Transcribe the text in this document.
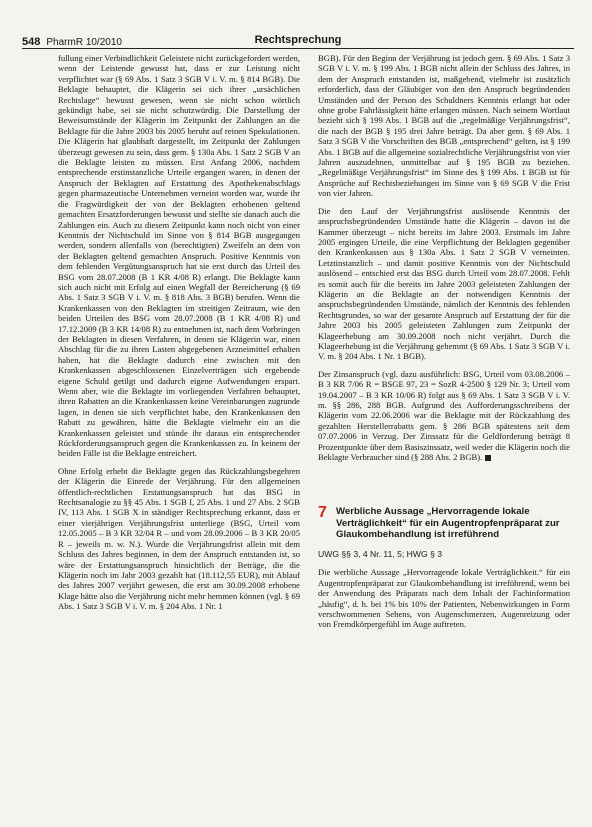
548 PharmR 10/2010	Rechtsprechung

fullung einer Verbindlichkeit Geleistete nicht zurückgefordert werden, wenn der Leistende gewusst hat, dass er zur Leistung nicht verpflichtet war (§ 69 Abs. 1 Satz 3 SGB V i. V. m. § 814 BGB). Die Beklagte behauptet, die Klägerin sei sich ihrer „ursächlichen Rechtslage“ bewusst gewesen, wenn sie nicht schon wörtlich gekündigt habe, sei sie nicht schutzwürdig. Die Darstellung der Beweisumstände der Klägerin im Zeitpunkt der Zahlungen an die Beklagte für die Jahre 2003 bis 2005 beruht auf reinen Spekulationen. Die Klägerin hat glaubhaft dargestellt, im Zeitpunkt der Zahlungen überzeugt gewesen zu sein, dass gem. § 130a Abs. 1 Satz 2 SGB V an die Beklagte leisten zu müssen. Erst Anfang 2006, nachdem entsprechende erstinstanzliche Urteile ergangen waren, in denen der Anspruch der Beklagten auf Erstattung des Apothekenabschlags gegen pharmazeutische Unternehmen verneint worden war, wurde ihr die Fragwürdigkeit der von der Beklagten erhobenen geltend gemachten Ersatzforderungen bewusst und stellte sie danach auch die Zahlungen ein. Auch zu diesem Zeitpunkt kann noch nicht von einer Kenntnis der Nichtschuld im Sinne von § 814 BGB ausgegangen werden, sondern allenfalls von (berechtigten) Zweifeln an dem von der Beklagten geltend gemachten Anspruch. Positive Kenntnis von dem fehlenden Vergütungsanspruch hat sie erst durch das Urteil des BSG vom 28.07.2008 (B 1 KR 4/08 R) erlangt. Die Beklagte kann sich auch nicht mit Erfolg auf einen Wegfall der Bereicherung (§ 69 Abs. 1 Satz 3 SGB V i. V. m. § 818 Abs. 3 BGB) berufen. Wenn die Krankenkassen von den Beklagten im streitigen Zeitraum, wie den beiden Urteilen des BSG vom 28.07.2008 (B 1 KR 4/08 R) und 17.12.2009 (B 3 KR 14/08 R) zu entnehmen ist, nach dem Vorbringen der Beklagten in diesen Verfahren, in denen sie Klägerin war, einen Abschlag für die zu ihren Lasten abgegebenen Arzneimittel erhalten haben, hat die Beklagte dadurch eine zwischen mit den Krankenkassen abgeschlossenen Einzelverträgen sich ergebende eigene Schuld getilgt und dadurch eigene Aufwendungen erspart. Wenn aber, wie die Beklagte im vorliegenden Verfahren behauptet, ihren Rabatten an die Krankenkassen keine Vereinbarungen zugrunde lagen, in denen sie sich verpflichtet habe, den Krankenkassen den Rabatt zu gewähren, hätte die Beklagte vielmehr ein an die Krankenkassen geleistet und stünde ihr daraus ein entsprechender Rückforderungsanspruch gegen die Krankenkassen zu. In keinem der beiden Fälle ist die Beklagte entreichert.

Ohne Erfolg erhebt die Beklagte gegen das Rückzahlungsbegehren der Klägerin die Einrede der Verjährung. Für den allgemeinen öffentlich-rechtlichen Erstattungsanspruch hat das BSG in Rechtsanalogie zu §§ 45 Abs. 1 SGB I, 25 Abs. 1 und 27 Abs. 2 SGB IV, 113 Abs. 1 SGB X in ständiger Rechtsprechung erkannt, dass er einer vierjährigen Verjährungsfrist unterliege (BSG, Urteil vom 12.05.2005 – B 3 KR 32/04 R – und vom 28.09.2006 – B 3 KR 20/05 R – jeweils m. w. N.). Wurde die Verjährungsfrist allein mit dem Schluss des Jahres beginnen, in dem der Anspruch entstanden ist, so wäre der Erstattungsanspruch hinsichtlich der Beträge, die die Klägerin noch im Jahr 2003 gezahlt hat (18.112,55 EUR), mit Ablauf des Jahres 2007 verjährt gewesen, die erst am 30.09.2008 erhobene Klage hätte also die Verjährung nicht mehr hemmen können (vgl. § 69 Abs. 1 Satz 3 SGB V i. V. m. § 204 Abs. 1 Nr. 1

BGB). Für den Beginn der Verjährung ist jedoch gem. § 69 Abs. 1 Satz 3 SGB V i. V. m. § 199 Abs. 1 BGB nicht allein der Schluss des Jahres, in dem der Anspruch entstanden ist, maßgebend, vielmehr ist zusätzlich erforderlich, dass der Gläubiger von den den Anspruch begründenden Umständen und der Person des Schuldners Kenntnis erlangt hat oder ohne grobe Fahrlässigkeit hätte erlangen müssen. Nach seinem Wortlaut bezieht sich § 199 Abs. 1 BGB auf die „regelmäßige Verjährungsfrist“, die nach der BGB § 195 drei Jahre beträgt. Da aber gem. § 69 Abs. 1 Satz 3 SGB V die Vorschriften des BGB „entsprechend“ gelten, ist § 199 Abs. 1 BGB auf die allgemeine sozialrechtliche Verjährungsfrist von vier Jahren auszudehnen, unmittelbar auf § 195 BGB zu beziehen. „Regelmäßige Verjährungsfrist“ im Sinne des § 199 Abs. 1 BGB ist für Ansprüche auf Rechtsbeziehungen im Sinne von § 69 SGB V die Frist von vier Jahren.

Die den Lauf der Verjährungsfrist auslösende Kenntnis der anspruchsbegründenden Umstände hatte die Klägerin – davon ist die Kammer überzeugt – nicht bereits im Jahre 2003. Erstmals im Jahre 2005 ergingen Urteile, die eine Verpflichtung der Beklagten gegenüber den Krankenkassen aus § 130a Abs. 1 Satz 2 SGB V verneinten. Letztinstanzlich – und damit positive Kenntnis von der Nichtschuld auslösend – entschied erst das BSG durch Urteil vom 28.07.2008. Fehlt es somit auch für die bereits im Jahre 2003 geleisteten Zahlungen der Klägerin an die Beklagte an der notwendigen Kenntnis der anspruchsbegründenden Umstände, nämlich der Kenntnis des fehlenden Rechtsgrundes, so war der gesamte Anspruch auf Erstattung der für die Jahre 2003 bis 2005 geleisteten Zahlungen zum Zeitpunkt der Klageerhebung am 30.09.2008 noch nicht verjährt. Durch die Klageerhebung ist die Verjährung gehemmt (§ 69 Abs. 1 Satz 3 SGB V i. V. m. § 204 Abs. 1 Nr. 1 BGB).

Der Zinsanspruch (vgl. dazu ausführlich: BSG, Urteil vom 03.08.2006 – B 3 KR 7/06 R = BSGE 97, 23 = SozR 4-2500 § 129 Nr. 3; Urteil vom 19.04.2007 – B 3 KR 10/06 R) folgt aus § 69 Abs. 1 Satz 3 SGB V i. V. m. §§ 286, 288 BGB. Aufgrund des Aufforderungsschreibens der Klägerin vom 22.06.2006 war die Beklagte mit der Rückzahlung des gezahlten Herstellerrabatts gem. § 286 BGB spätestens seit dem 07.07.2006 in Verzug. Der Zinssatz für die Geldforderung beträgt 8 Prozentpunkte über dem Basiszinssatz, weil weder die Klägerin noch die Beklagte Verbraucher sind (§ 288 Abs. 2 BGB).

7 Werbliche Aussage „Hervorragende lokale Verträglichkeit“ für ein Augentropfenpräparat zur Glaukombehandlung ist irreführend
UWG §§ 3, 4 Nr. 11, 5; HWG § 3

Die werbliche Aussage „Hervorragende lokale Verträglichkeit.“ für ein Augentropfenpräparat zur Glaukombehandlung ist irreführend, wenn bei der Anwendung des Präparats nach dem Inhalt der Fachinformation „häufig“, d. h. bei 1% bis 10% der Patienten, Nebenwirkungen in Form verschwommenen Sehens, von Augenschmerzen, Augenreizung oder von Fremdkörpergefühl im Auge auftreten.
